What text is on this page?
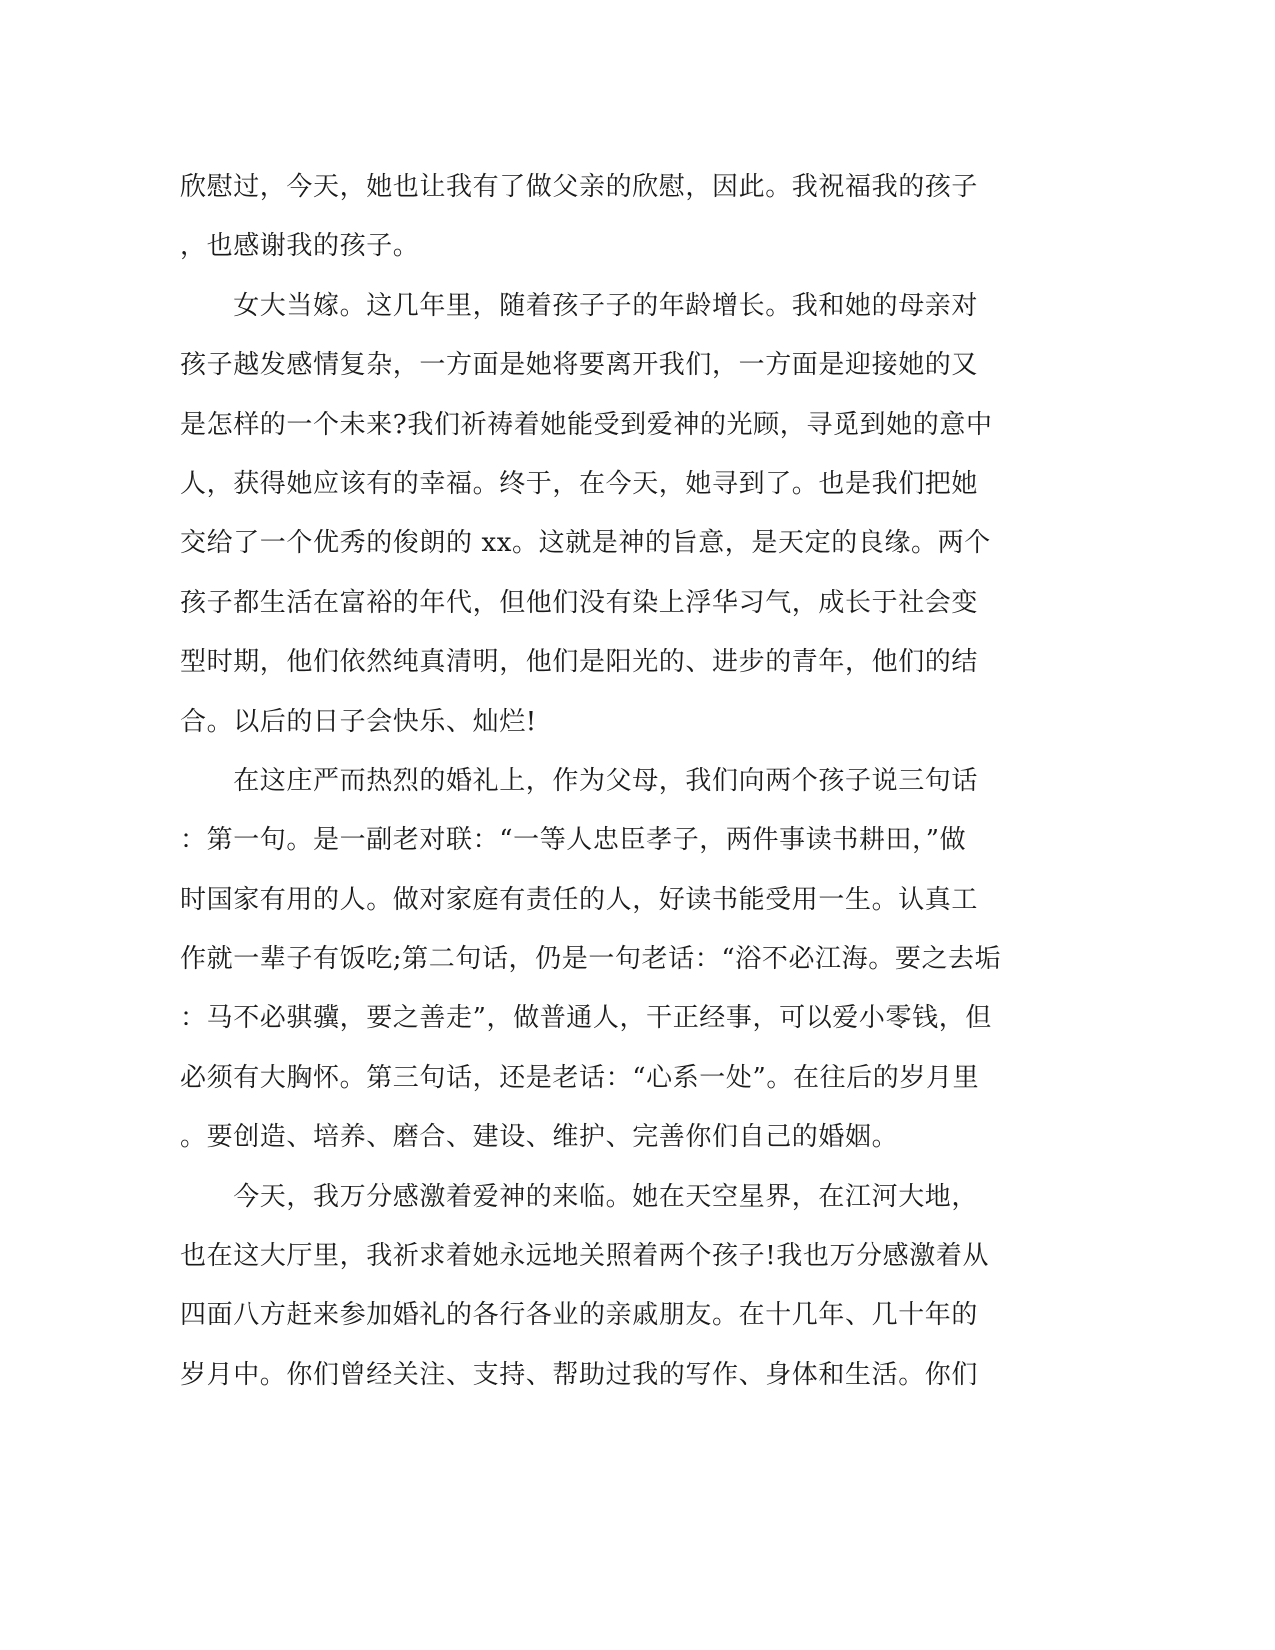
欣慰过，今天，她也让我有了做父亲的欣慰，因此。我祝福我的孩子
，也感谢我的孩子。
　　女大当嫁。这几年里，随着孩子子的年龄增长。我和她的母亲对
孩子越发感情复杂，一方面是她将要离开我们，一方面是迎接她的又
是怎样的一个未来?我们祈祷着她能受到爱神的光顾，寻觅到她的意中
人，获得她应该有的幸福。终于，在今天，她寻到了。也是我们把她
交给了一个优秀的俊朗的 xx。这就是神的旨意，是天定的良缘。两个
孩子都生活在富裕的年代，但他们没有染上浮华习气，成长于社会变
型时期，他们依然纯真清明，他们是阳光的、进步的青年，他们的结
合。以后的日子会快乐、灿烂!
　　在这庄严而热烈的婚礼上，作为父母，我们向两个孩子说三句话
：第一句。是一副老对联：“一等人忠臣孝子，两件事读书耕田，”做
时国家有用的人。做对家庭有责任的人，好读书能受用一生。认真工
作就一辈子有饭吃;第二句话，仍是一句老话：“浴不必江海。要之去垢
：马不必骐骥，要之善走”，做普通人，干正经事，可以爱小零钱，但
必须有大胸怀。第三句话，还是老话：“心系一处”。在往后的岁月里
。要创造、培养、磨合、建设、维护、完善你们自己的婚姻。
　　今天，我万分感激着爱神的来临。她在天空星界，在江河大地，
也在这大厅里，我祈求着她永远地关照着两个孩子!我也万分感激着从
四面八方赶来参加婚礼的各行各业的亲戚朋友。在十几年、几十年的
岁月中。你们曾经关注、支持、帮助过我的写作、身体和生活。你们
